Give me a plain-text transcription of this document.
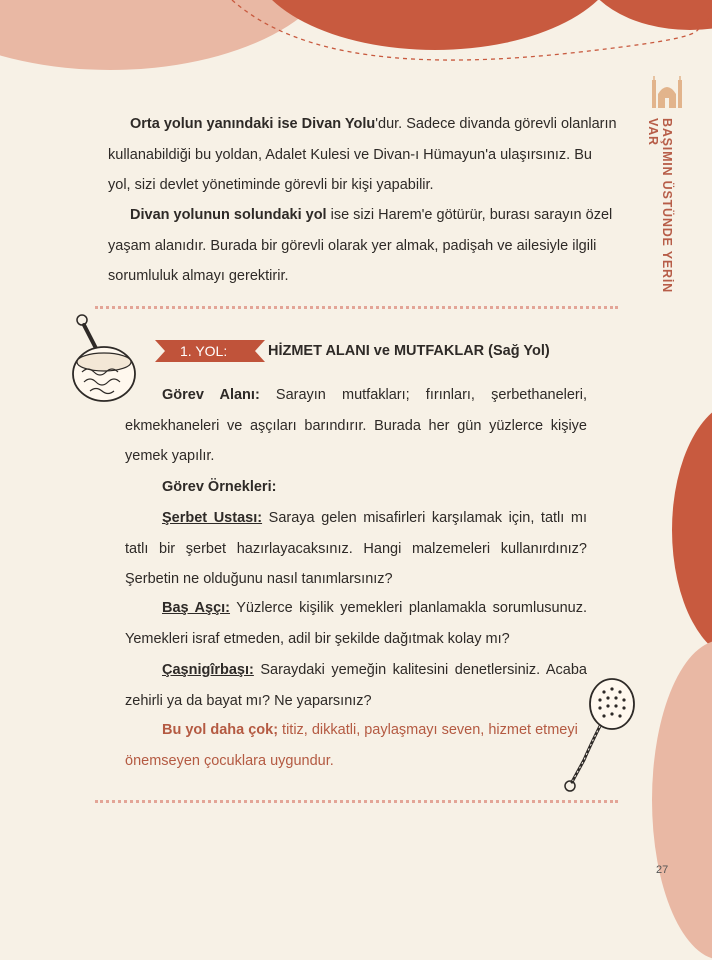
BAŞIMIN ÜSTÜNDE YERİN VAR

Orta yolun yanındaki ise Divan Yolu'dur. Sadece divanda görevli olanların kullanabildiği bu yoldan, Adalet Kulesi ve Divan-ı Hümayun'a ulaşırsınız. Bu yol, sizi devlet yönetiminde görevli bir kişi yapabilir.

Divan yolunun solundaki yol ise sizi Harem'e götürür, burası sarayın özel yaşam alanıdır. Burada bir görevli olarak yer almak, padişah ve ailesiyle ilgili sorumluluk almayı gerektirir.

1. YOL:	HİZMET ALANI ve MUTFAKLAR (Sağ Yol)

Görev Alanı: Sarayın mutfakları; fırınları, şerbethaneleri, ekmekhaneleri ve aşçıları barındırır. Burada her gün yüzlerce kişiye yemek yapılır.

Görev Örnekleri:

Şerbet Ustası: Saraya gelen misafirleri karşılamak için, tatlı mı tatlı bir şerbet hazırlayacaksınız. Hangi malzemeleri kullanırdınız? Şerbetin ne olduğunu nasıl tanımlarsınız?

Baş Aşçı: Yüzlerce kişilik yemekleri planlamakla sorumlusunuz. Yemekleri israf etmeden, adil bir şekilde dağıtmak kolay mı?

Çaşnigîrbaşı: Saraydaki yemeğin kalitesini denetlersiniz. Acaba zehirli ya da bayat mı? Ne yaparsınız?

Bu yol daha çok; titiz, dikkatli, paylaşmayı seven, hizmet etmeyi önemseyen çocuklara uygundur.

27
